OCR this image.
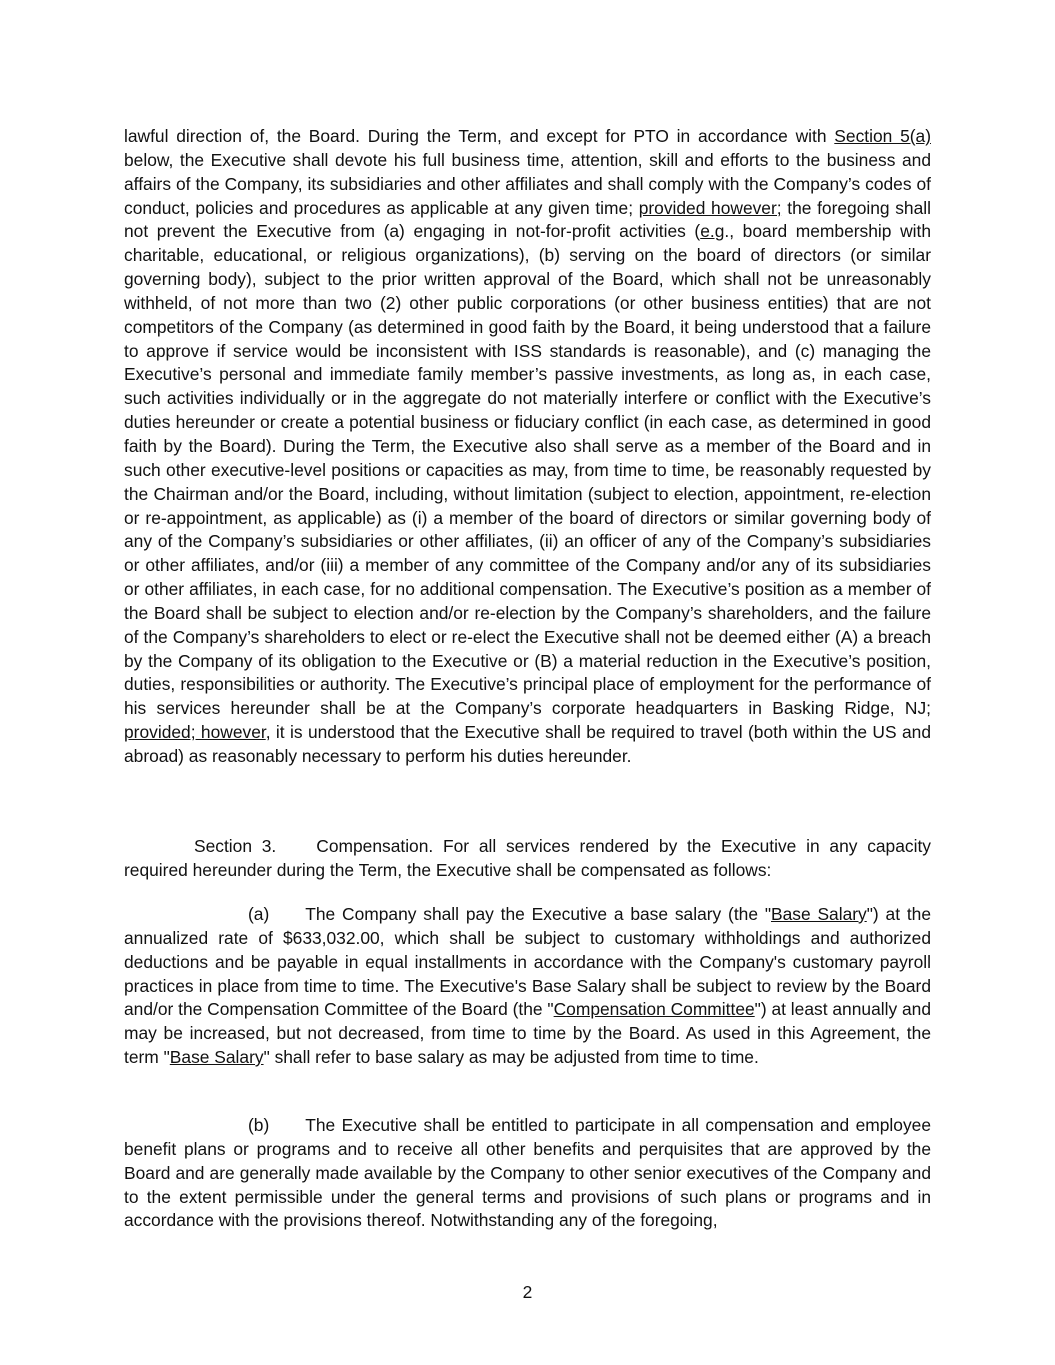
lawful direction of, the Board. During the Term, and except for PTO in accordance with Section 5(a) below, the Executive shall devote his full business time, attention, skill and efforts to the business and affairs of the Company, its subsidiaries and other affiliates and shall comply with the Company’s codes of conduct, policies and procedures as applicable at any given time; provided however; the foregoing shall not prevent the Executive from (a) engaging in not-for-profit activities (e.g., board membership with charitable, educational, or religious organizations), (b) serving on the board of directors (or similar governing body), subject to the prior written approval of the Board, which shall not be unreasonably withheld, of not more than two (2) other public corporations (or other business entities) that are not competitors of the Company (as determined in good faith by the Board, it being understood that a failure to approve if service would be inconsistent with ISS standards is reasonable), and (c) managing the Executive’s personal and immediate family member’s passive investments, as long as, in each case, such activities individually or in the aggregate do not materially interfere or conflict with the Executive’s duties hereunder or create a potential business or fiduciary conflict (in each case, as determined in good faith by the Board). During the Term, the Executive also shall serve as a member of the Board and in such other executive-level positions or capacities as may, from time to time, be reasonably requested by the Chairman and/or the Board, including, without limitation (subject to election, appointment, re-election or re-appointment, as applicable) as (i) a member of the board of directors or similar governing body of any of the Company’s subsidiaries or other affiliates, (ii) an officer of any of the Company’s subsidiaries or other affiliates, and/or (iii) a member of any committee of the Company and/or any of its subsidiaries or other affiliates, in each case, for no additional compensation. The Executive’s position as a member of the Board shall be subject to election and/or re-election by the Company’s shareholders, and the failure of the Company’s shareholders to elect or re-elect the Executive shall not be deemed either (A) a breach by the Company of its obligation to the Executive or (B) a material reduction in the Executive’s position, duties, responsibilities or authority. The Executive’s principal place of employment for the performance of his services hereunder shall be at the Company’s corporate headquarters in Basking Ridge, NJ; provided; however, it is understood that the Executive shall be required to travel (both within the US and abroad) as reasonably necessary to perform his duties hereunder.

Section 3. Compensation. For all services rendered by the Executive in any capacity required hereunder during the Term, the Executive shall be compensated as follows:

(a) The Company shall pay the Executive a base salary (the "Base Salary") at the annualized rate of $633,032.00, which shall be subject to customary withholdings and authorized deductions and be payable in equal installments in accordance with the Company's customary payroll practices in place from time to time. The Executive's Base Salary shall be subject to review by the Board and/or the Compensation Committee of the Board (the "Compensation Committee") at least annually and may be increased, but not decreased, from time to time by the Board. As used in this Agreement, the term "Base Salary" shall refer to base salary as may be adjusted from time to time.

(b) The Executive shall be entitled to participate in all compensation and employee benefit plans or programs and to receive all other benefits and perquisites that are approved by the Board and are generally made available by the Company to other senior executives of the Company and to the extent permissible under the general terms and provisions of such plans or programs and in accordance with the provisions thereof. Notwithstanding any of the foregoing,

2
